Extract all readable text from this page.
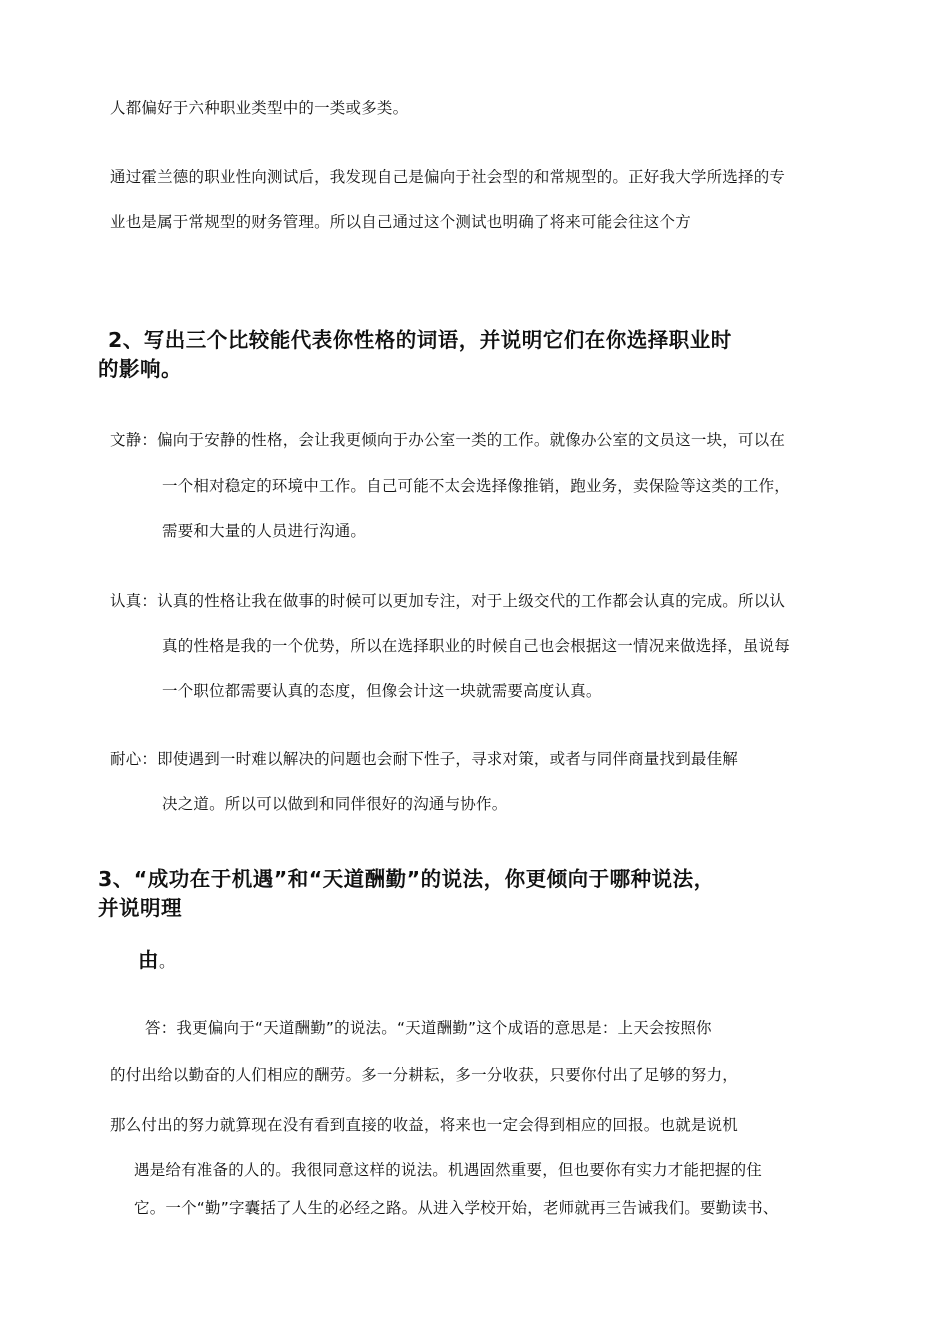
人都偏好于六种职业类型中的一类或多类。
通过霍兰德的职业性向测试后，我发现自己是偏向于社会型的和常规型的。正好我大学所选择的专
业也是属于常规型的财务管理。所以自己通过这个测试也明确了将来可能会往这个方
2、写出三个比较能代表你性格的词语，并说明它们在你选择职业时
的影响。
文静：偏向于安静的性格，会让我更倾向于办公室一类的工作。就像办公室的文员这一块，可以在
一个相对稳定的环境中工作。自己可能不太会选择像推销，跑业务，卖保险等这类的工作，
需要和大量的人员进行沟通。
认真：认真的性格让我在做事的时候可以更加专注，对于上级交代的工作都会认真的完成。所以认
真的性格是我的一个优势，所以在选择职业的时候自己也会根据这一情况来做选择，虽说每
一个职位都需要认真的态度，但像会计这一块就需要高度认真。
耐心：即使遇到一时难以解决的问题也会耐下性子，寻求对策，或者与同伴商量找到最佳解
决之道。所以可以做到和同伴很好的沟通与协作。
3、“成功在于机遇”和“天道酬勤”的说法，你更倾向于哪种说法，
并说明理
由。
答：我更偏向于“天道酬勤”的说法。“天道酬勤”这个成语的意思是：上天会按照你
的付出给以勤奋的人们相应的酬劳。多一分耕耘，多一分收获，只要你付出了足够的努力，
那么付出的努力就算现在没有看到直接的收益，将来也一定会得到相应的回报。也就是说机
遇是给有准备的人的。我很同意这样的说法。机遇固然重要，但也要你有实力才能把握的住
它。一个“勤”字囊括了人生的必经之路。从进入学校开始，老师就再三告诫我们。要勤读书、
